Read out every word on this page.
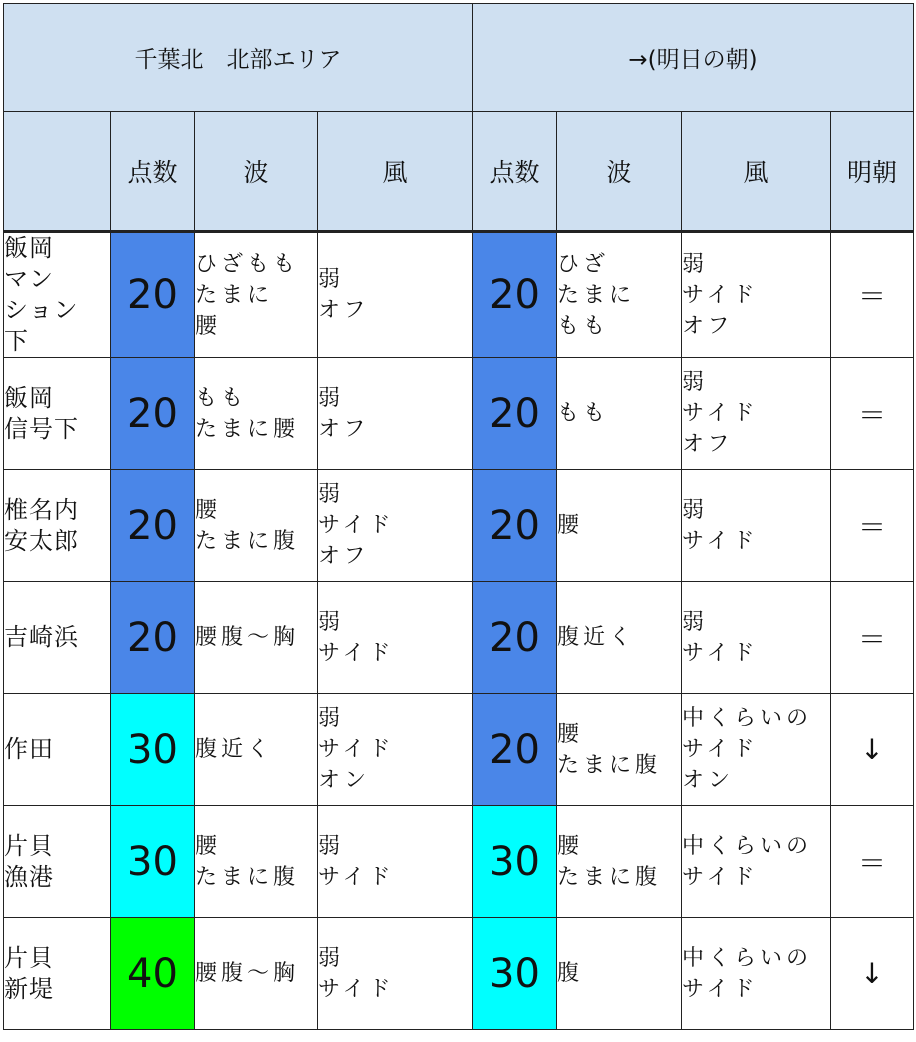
千葉北　北部エリア				→(明日の朝)			
	点数	波	風	点数	波	風	明朝

飯岡
マン
ション
下	20	ひざもも
たまに
腰	弱
オフ	20	ひざ
たまに
もも	弱
サイド
オフ	＝

飯岡
信号下	20	もも
たまに腰	弱
オフ	20	もも	弱
サイド
オフ	＝

椎名内
安太郎	20	腰
たまに腹	弱
サイド
オフ	20	腰	弱
サイド	＝

吉崎浜	20	腰腹〜胸	弱
サイド	20	腹近く	弱
サイド	＝

作田	30	腹近く	弱
サイド
オン	20	腰
たまに腹	中くらいの
サイド
オン	↓

片貝
漁港	30	腰
たまに腹	弱
サイド	30	腰
たまに腹	中くらいの
サイド	＝

片貝
新堤	40	腰腹〜胸	弱
サイド	30	腹	中くらいの
サイド	↓
